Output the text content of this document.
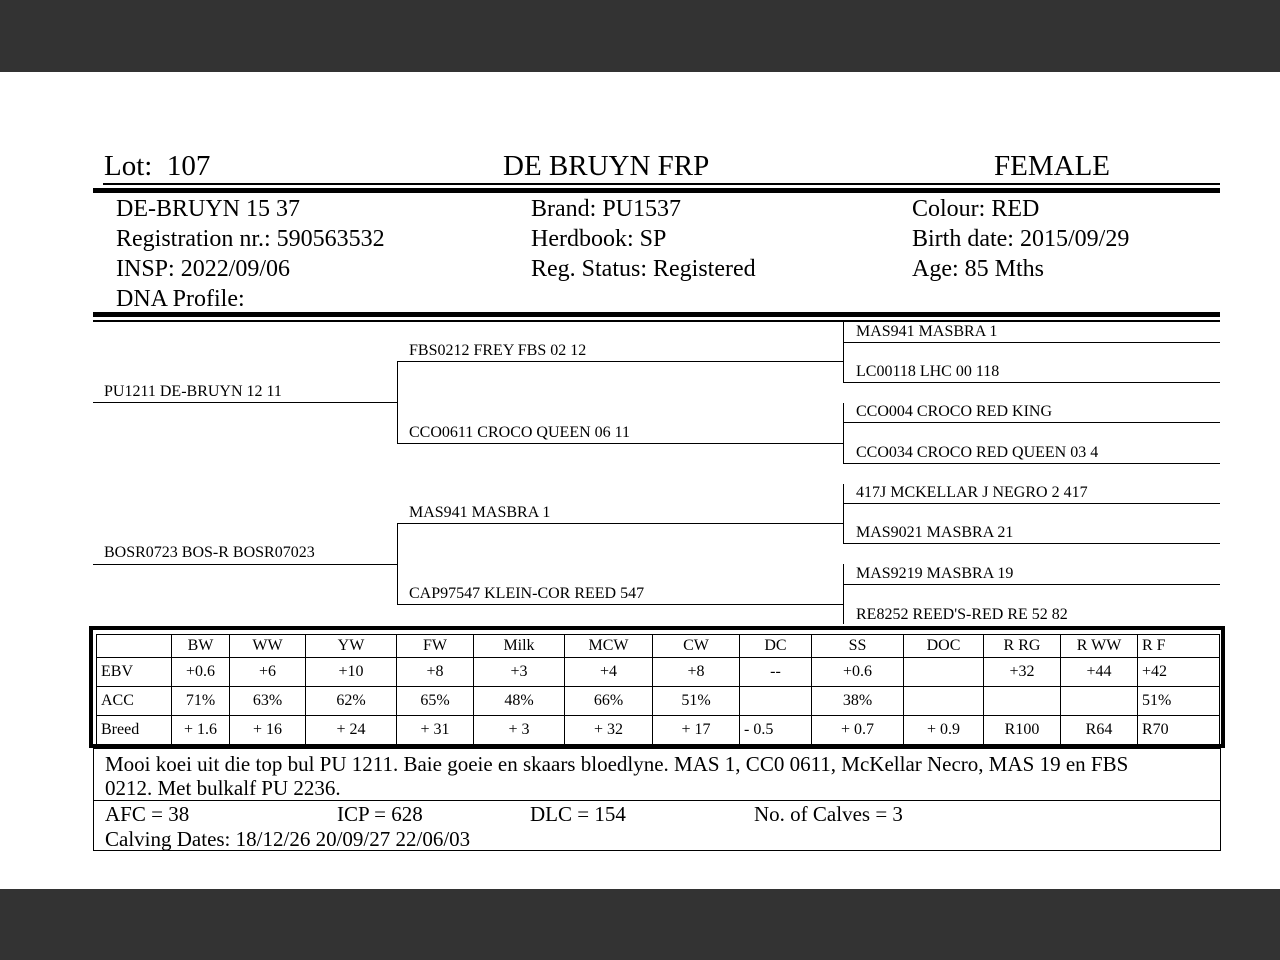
Lot: 107	DE BRUYN FRP	FEMALE
DE-BRUYN 15 37
Registration nr.: 590563532
INSP: 2022/09/06
DNA Profile:
Brand: PU1537
Herdbook: SP
Reg. Status: Registered
Colour: RED
Birth date: 2015/09/29
Age: 85 Mths
PU1211 DE-BRUYN 12 11
BOSR0723 BOS-R BOSR07023
FBS0212 FREY FBS 02 12
CCO0611 CROCO QUEEN 06 11
MAS941 MASBRA 1
CAP97547 KLEIN-COR REED 547
MAS941 MASBRA 1
LC00118 LHC 00 118
CCO004 CROCO RED KING
CCO034 CROCO RED QUEEN 03 4
417J MCKELLAR J NEGRO 2 417
MAS9021 MASBRA 21
MAS9219 MASBRA 19
RE8252 REED'S-RED RE 52 82
	BW	WW	YW	FW	Milk	MCW	CW	DC	SS	DOC	R RG	R WW	R F
EBV	+0.6	+6	+10	+8	+3	+4	+8	--	+0.6		+32	+44	+42
ACC	71%	63%	62%	65%	48%	66%	51%		38%				51%
Breed	+ 1.6	+ 16	+ 24	+ 31	+ 3	+ 32	+ 17	- 0.5	+ 0.7	+ 0.9	R100	R64	R70
Mooi koei uit die top bul PU 1211. Baie goeie en skaars bloedlyne. MAS 1, CC0 0611, McKellar Necro, MAS 19 en FBS
0212. Met bulkalf PU 2236.
AFC = 38	ICP = 628	DLC = 154	No. of Calves = 3
Calving Dates: 18/12/26 20/09/27 22/06/03
